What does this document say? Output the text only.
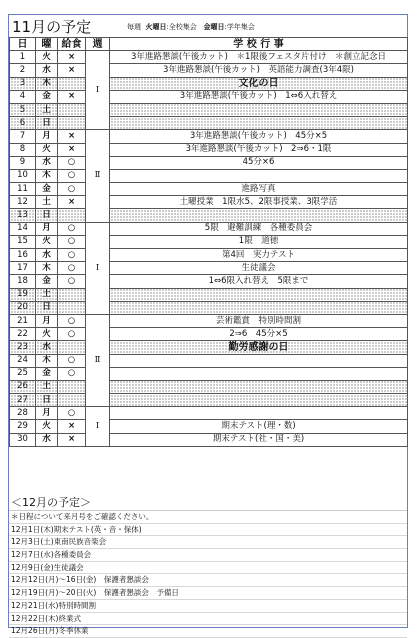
11月の予定	毎週 火曜日:全校集会 金曜日:学年集会
日	曜	給食	週	学 校 行 事
1	火	×	Ⅰ	3年進路懇談(午後カット)　＊1限後フェスタ片付け　＊創立記念日
2	水	×		3年進路懇談(午後カット)　英語能力調査(3年4限)
3	木			文化の日
4	金	×		3年進路懇談(午後カット)　1⇔6入れ替え
5	土			
6	日			
7	月	×	Ⅱ	3年進路懇談(午後カット)　45分×5
8	火	×		3年進路懇談(午後カット)　2⇒6・1限
9	水	○		45分×6
10	木	○		
11	金	○		進路写真
12	土	×		土曜授業　1限水5、2限事授業、3限学活
13	日			
14	月	○	Ⅰ	5限　避難訓練　各種委員会
15	火	○		1限　道徳
16	水	○		第4回　実力テスト
17	木	○		生徒議会
18	金	○		1⇔6限入れ替え　5限まで
19	土			
20	日			
21	月	○	Ⅱ	芸術鑑賞　特別時間割
22	火	○		2⇒6　45分×5
23	水			勤労感謝の日
24	木	○		
25	金	○		
26	土			
27	日			
28	月	○	Ⅰ	
29	火	×		期末テスト(理・数)
30	水	×		期末テスト(社・国・美)
＜12月の予定＞
＊日程について来月号をご確認ください。
12月1日(木)期末テスト(英・音・保体)
12月3日(土)東南民族音楽会
12月7日(水)各種委員会
12月9日(金)生徒議会
12月12日(月)～16日(金)　保護者懇談会
12月19日(月)～20日(火)　保護者懇談会　予備日
12月21日(水)特別時間割
12月22日(木)終業式
12月26日(月)冬季休業
